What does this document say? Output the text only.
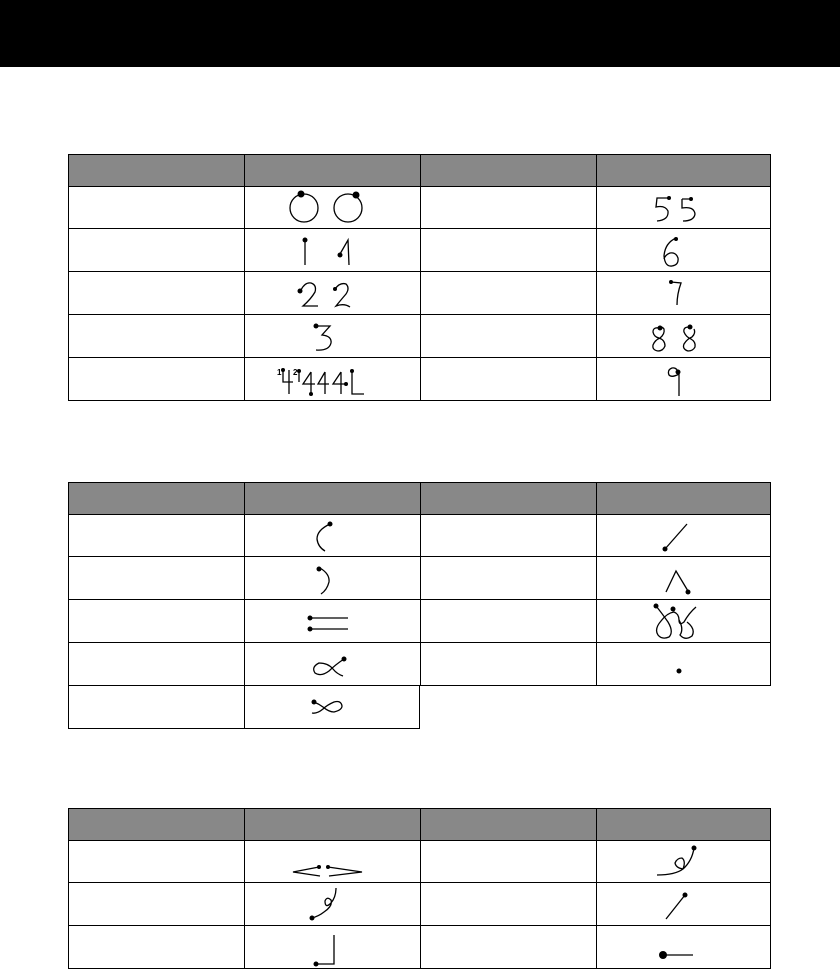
1 2
